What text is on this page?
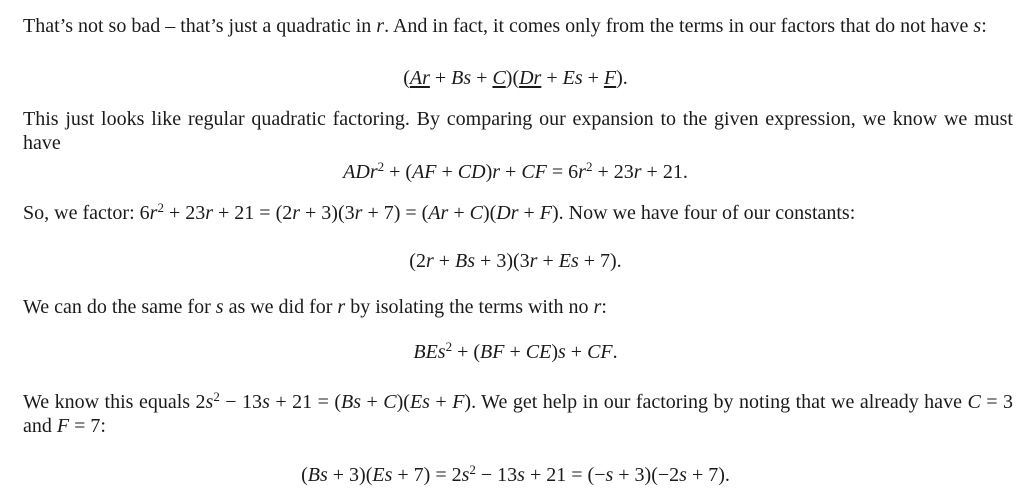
That’s not so bad – that’s just a quadratic in r. And in fact, it comes only from the terms in our factors that do not have s:

(Ar + Bs + C)(Dr + Es + F).

This just looks like regular quadratic factoring. By comparing our expansion to the given expression, we know we must have

ADr$^2$ + (AF + CD)r + CF = $6r^2 + 23r + 21$.

So, we factor: $6r^2 + 23r + 21 = (2r + 3)(3r + 7) = (Ar + C)(Dr + F)$. Now we have four of our constants:

(2r + Bs + 3)(3r + Es + 7).

We can do the same for s as we did for r by isolating the terms with no r:

BEs$^2$ + (BF + CE)s + CF.

We know this equals $2s^2 - 13s + 21 = (Bs + C)(Es + F)$. We get help in our factoring by noting that we already have C = 3 and F = 7:

$(Bs + 3)(Es + 7) = 2s^2 - 13s + 21 = (-s + 3)(-2s + 7)$.
